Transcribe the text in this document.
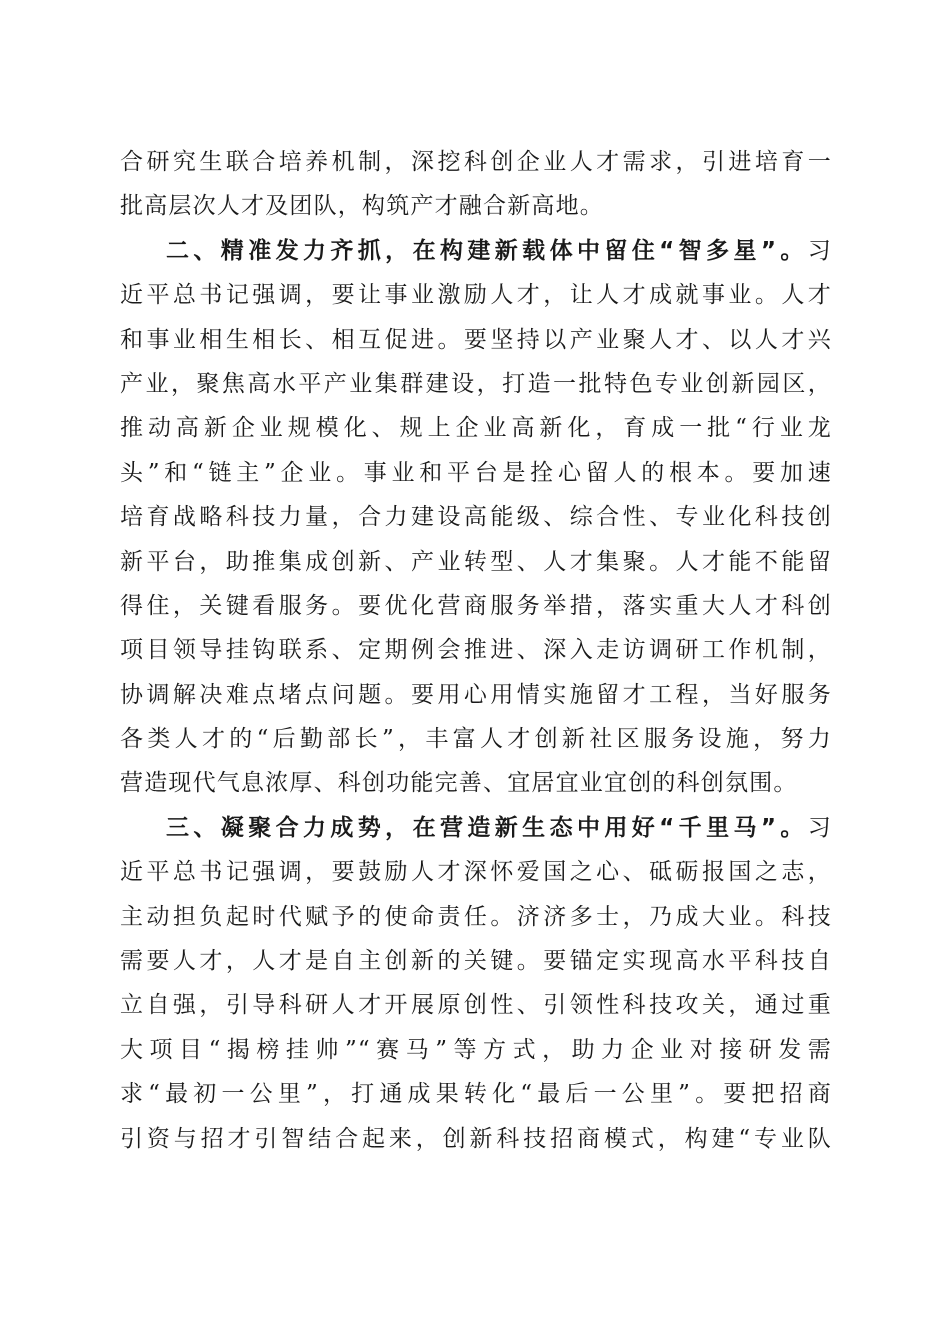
合研究生联合培养机制，深挖科创企业人才需求，引进培育一
批高层次人才及团队，构筑产才融合新高地。
二、精准发力齐抓，在构建新载体中留住“智多星”。习
近平总书记强调，要让事业激励人才，让人才成就事业。人才
和事业相生相长、相互促进。要坚持以产业聚人才、以人才兴
产业，聚焦高水平产业集群建设，打造一批特色专业创新园区，
推动高新企业规模化、规上企业高新化，育成一批“行业龙
头”和“链主”企业。事业和平台是拴心留人的根本。要加速
培育战略科技力量，合力建设高能级、综合性、专业化科技创
新平台，助推集成创新、产业转型、人才集聚。人才能不能留
得住，关键看服务。要优化营商服务举措，落实重大人才科创
项目领导挂钩联系、定期例会推进、深入走访调研工作机制，
协调解决难点堵点问题。要用心用情实施留才工程，当好服务
各类人才的“后勤部长”，丰富人才创新社区服务设施，努力
营造现代气息浓厚、科创功能完善、宜居宜业宜创的科创氛围。
三、凝聚合力成势，在营造新生态中用好“千里马”。习
近平总书记强调，要鼓励人才深怀爱国之心、砥砺报国之志，
主动担负起时代赋予的使命责任。济济多士，乃成大业。科技
需要人才，人才是自主创新的关键。要锚定实现高水平科技自
立自强，引导科研人才开展原创性、引领性科技攻关，通过重
大项目“揭榜挂帅”“赛马”等方式，助力企业对接研发需
求“最初一公里”，打通成果转化“最后一公里”。要把招商
引资与招才引智结合起来，创新科技招商模式，构建“专业队
